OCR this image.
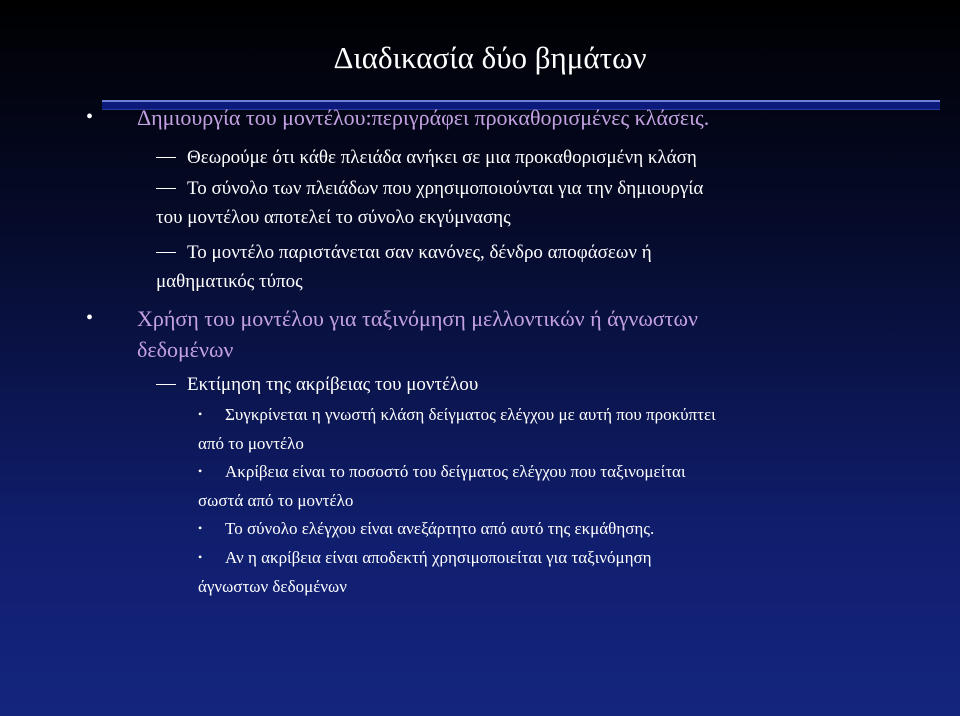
Διαδικασία δύο βημάτων
• Δημιουργία του μοντέλου:περιγράφει προκαθορισμένες κλάσεις.
Θεωρούμε ότι κάθε πλειάδα ανήκει σε μια προκαθορισμένη κλάση
Το σύνολο των πλειάδων που χρησιμοποιούνται για την δημιουργία
του μοντέλου αποτελεί το σύνολο εκγύμνασης
Το μοντέλο παριστάνεται σαν κανόνες, δένδρο αποφάσεων ή
μαθηματικός τύπος
• Χρήση του μοντέλου για ταξινόμηση μελλοντικών ή άγνωστων
δεδομένων
Εκτίμηση της ακρίβειας του μοντέλου
• Συγκρίνεται η γνωστή κλάση δείγματος ελέγχου με αυτή που προκύπτει
από το μοντέλο
• Ακρίβεια είναι το ποσοστό του δείγματος ελέγχου που ταξινομείται
σωστά από το μοντέλο
• Το σύνολο ελέγχου είναι ανεξάρτητο από αυτό της εκμάθησης.
• Αν η ακρίβεια είναι αποδεκτή χρησιμοποιείται για ταξινόμηση
άγνωστων δεδομένων
